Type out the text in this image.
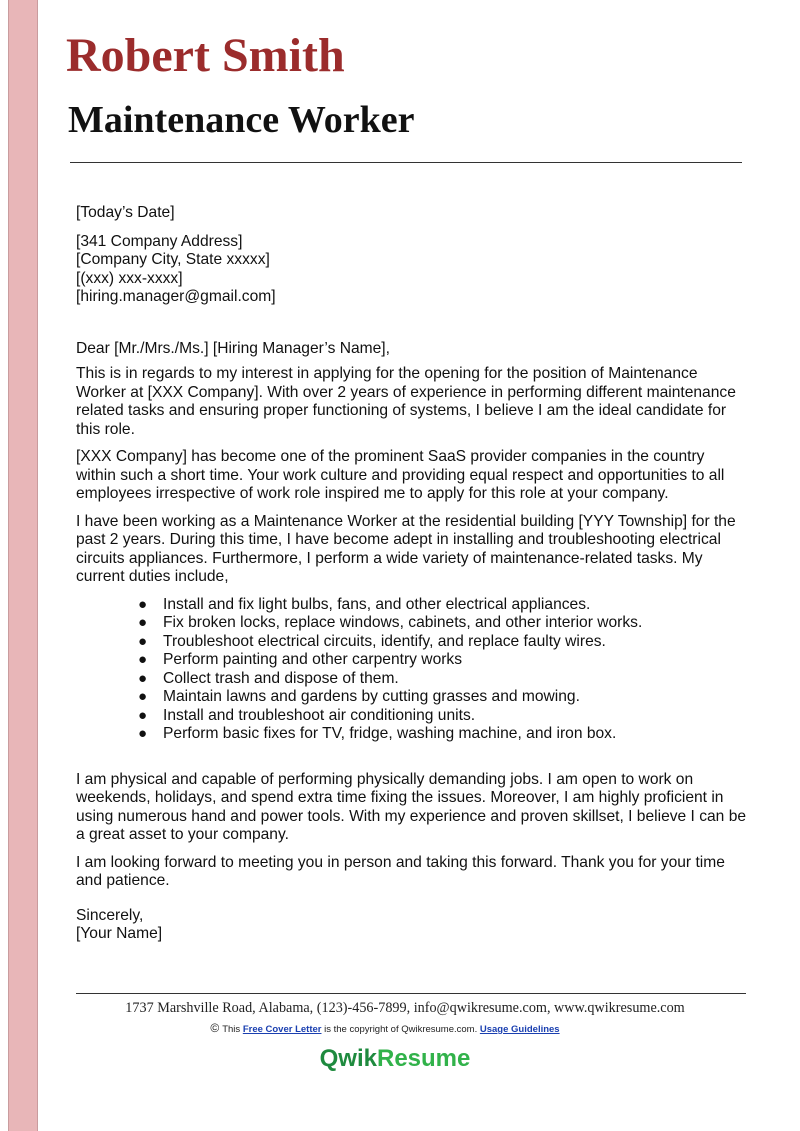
Robert Smith
Maintenance Worker

[Today’s Date]

[341 Company Address]

[Company City, State xxxxx]

[(xxx) xxx-xxxx]

[hiring.manager@gmail.com]

Dear [Mr./Mrs./Ms.] [Hiring Manager’s Name],

This is in regards to my interest in applying for the opening for the position of Maintenance Worker at [XXX Company]. With over 2 years of experience in performing different maintenance related tasks and ensuring proper functioning of systems, I believe I am the ideal candidate for this role.

[XXX Company] has become one of the prominent SaaS provider companies in the country within such a short time. Your work culture and providing equal respect and opportunities to all employees irrespective of work role inspired me to apply for this role at your company.

I have been working as a Maintenance Worker at the residential building [YYY Township] for the past 2 years. During this time, I have become adept in installing and troubleshooting electrical circuits appliances. Furthermore, I perform a wide variety of maintenance-related tasks. My current duties include,

● Install and fix light bulbs, fans, and other electrical appliances.
● Fix broken locks, replace windows, cabinets, and other interior works.
● Troubleshoot electrical circuits, identify, and replace faulty wires.
● Perform painting and other carpentry works
● Collect trash and dispose of them.
● Maintain lawns and gardens by cutting grasses and mowing.
● Install and troubleshoot air conditioning units.
● Perform basic fixes for TV, fridge, washing machine, and iron box.

I am physical and capable of performing physically demanding jobs. I am open to work on weekends, holidays, and spend extra time fixing the issues. Moreover, I am highly proficient in using numerous hand and power tools. With my experience and proven skillset, I believe I can be a great asset to your company.

I am looking forward to meeting you in person and taking this forward. Thank you for your time and patience.

Sincerely,

[Your Name]

1737 Marshville Road, Alabama, (123)-456-7899, info@qwikresume.com, www.qwikresume.com
© This Free Cover Letter is the copyright of Qwikresume.com. Usage Guidelines
QwikResume
